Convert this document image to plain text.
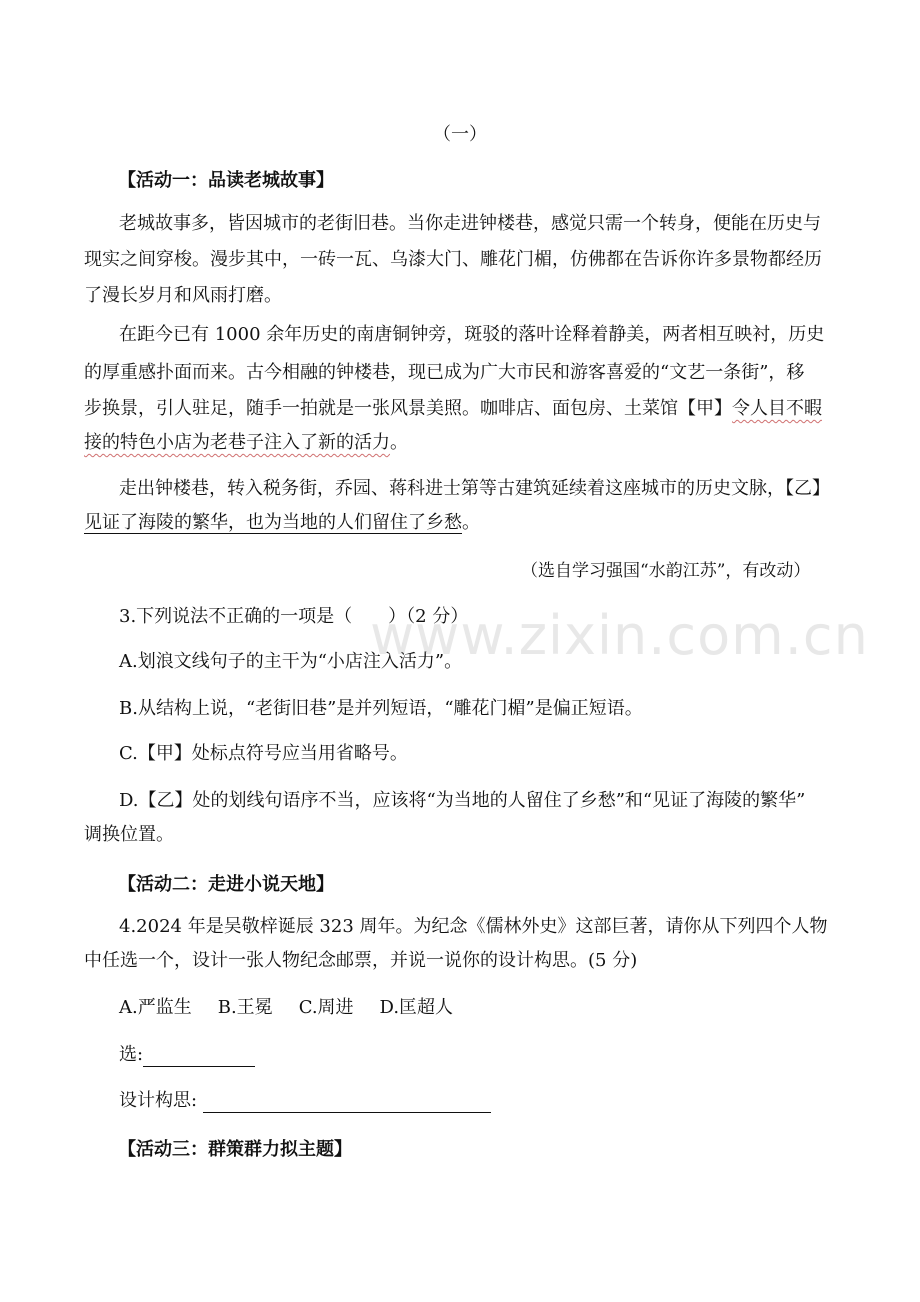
（一）
【活动一：品读老城故事】
老城故事多，皆因城市的老街旧巷。当你走进钟楼巷，感觉只需一个转身，便能在历史与
现实之间穿梭。漫步其中，一砖一瓦、乌漆大门、雕花门楣，仿佛都在告诉你许多景物都经历
了漫长岁月和风雨打磨。
在距今已有 1000 余年历史的南唐铜钟旁，斑驳的落叶诠释着静美，两者相互映衬，历史
的厚重感扑面而来。古今相融的钟楼巷，现已成为广大市民和游客喜爱的“文艺一条街”，移
步换景，引人驻足，随手一拍就是一张风景美照。咖啡店、面包房、土菜馆【甲】令人目不暇
接的特色小店为老巷子注入了新的活力。
走出钟楼巷，转入税务街，乔园、蒋科进士第等古建筑延续着这座城市的历史文脉，【乙】
见证了海陵的繁华，也为当地的人们留住了乡愁。
（选自学习强国“水韵江苏”，有改动）
3.下列说法不正确的一项是（　　）（2 分）
A.划浪文线句子的主干为“小店注入活力”。
B.从结构上说，“老街旧巷”是并列短语，“雕花门楣”是偏正短语。
C.【甲】处标点符号应当用省略号。
D.【乙】处的划线句语序不当，应该将“为当地的人留住了乡愁”和“见证了海陵的繁华”
调换位置。
【活动二：走进小说天地】
4.2024 年是吴敬梓诞辰 323 周年。为纪念《儒林外史》这部巨著，请你从下列四个人物
中任选一个，设计一张人物纪念邮票，并说一说你的设计构思。(5 分)
A.严监生 B.王冕 C.周进 D.匡超人
选:
设计构思:
【活动三：群策群力拟主题】
www.zixin.com.cn
